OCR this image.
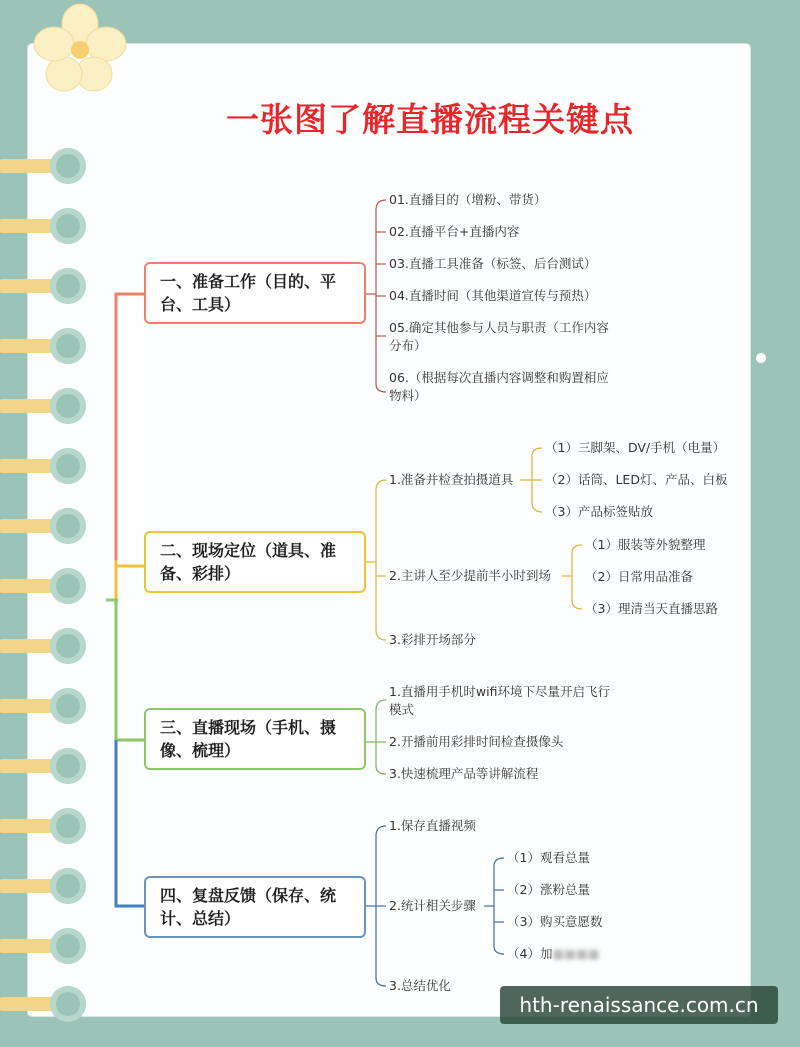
一张图了解直播流程关键点
一、准备工作（目的、平台、工具）
二、现场定位（道具、准备、彩排）
三、直播现场（手机、摄像、梳理）
四、复盘反馈（保存、统计、总结）
01.直播目的（增粉、带货）
02.直播平台+直播内容
03.直播工具准备（标签、后台测试）
04.直播时间（其他渠道宣传与预热）
05.确定其他参与人员与职责（工作内容分布）
06.（根据每次直播内容调整和购置相应物料）
1.准备并检查拍摄道具
（1）三脚架、DV/手机（电量）
（2）话筒、LED灯、产品、白板
（3）产品标签贴放
2.主讲人至少提前半小时到场
（1）服装等外貌整理
（2）日常用品准备
（3）理清当天直播思路
3.彩排开场部分
1.直播用手机时wifi环境下尽量开启飞行模式
2.开播前用彩排时间检查摄像头
3.快速梳理产品等讲解流程
1.保存直播视频
2.统计相关步骤
（1）观看总量
（2）涨粉总量
（3）购买意愿数
（4）加■■■■
3.总结优化
hth-renaissance.com.cn
